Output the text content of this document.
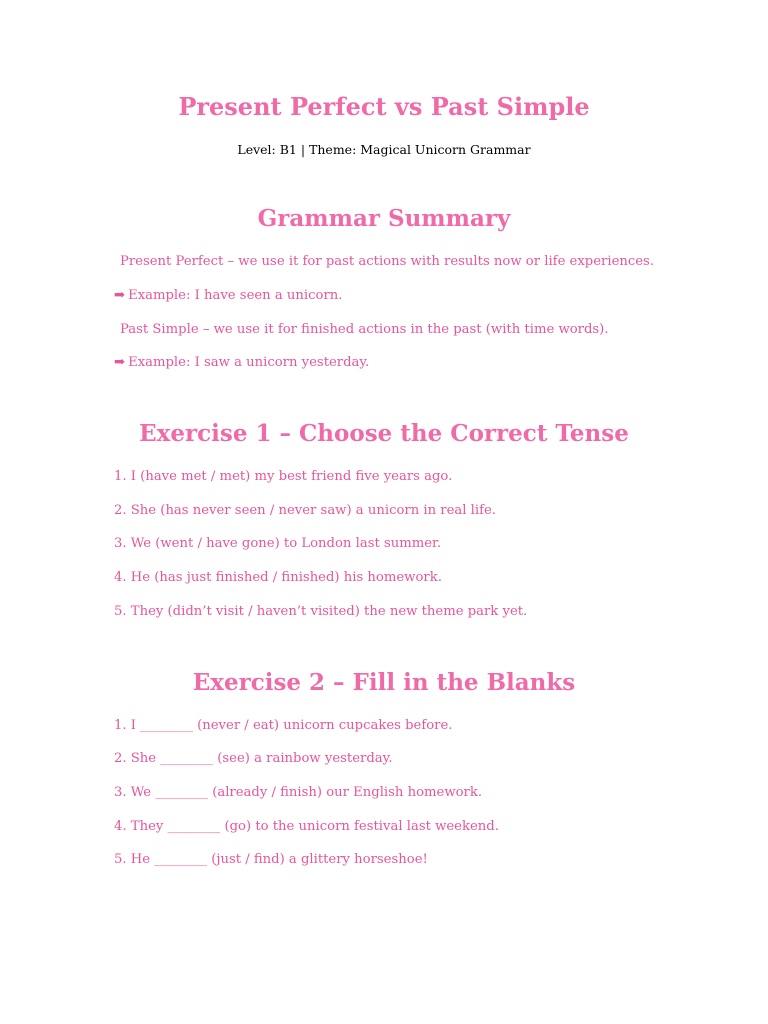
Present Perfect vs Past Simple

Level: B1 | Theme: Magical Unicorn Grammar

Grammar Summary

Present Perfect – we use it for past actions with results now or life experiences.

➡ Example: I have seen a unicorn.

Past Simple – we use it for finished actions in the past (with time words).

➡ Example: I saw a unicorn yesterday.

Exercise 1 – Choose the Correct Tense

1. I (have met / met) my best friend five years ago.

2. She (has never seen / never saw) a unicorn in real life.

3. We (went / have gone) to London last summer.

4. He (has just finished / finished) his homework.

5. They (didn’t visit / haven’t visited) the new theme park yet.

Exercise 2 – Fill in the Blanks

1. I ________ (never / eat) unicorn cupcakes before.

2. She ________ (see) a rainbow yesterday.

3. We ________ (already / finish) our English homework.

4. They ________ (go) to the unicorn festival last weekend.

5. He ________ (just / find) a glittery horseshoe!
